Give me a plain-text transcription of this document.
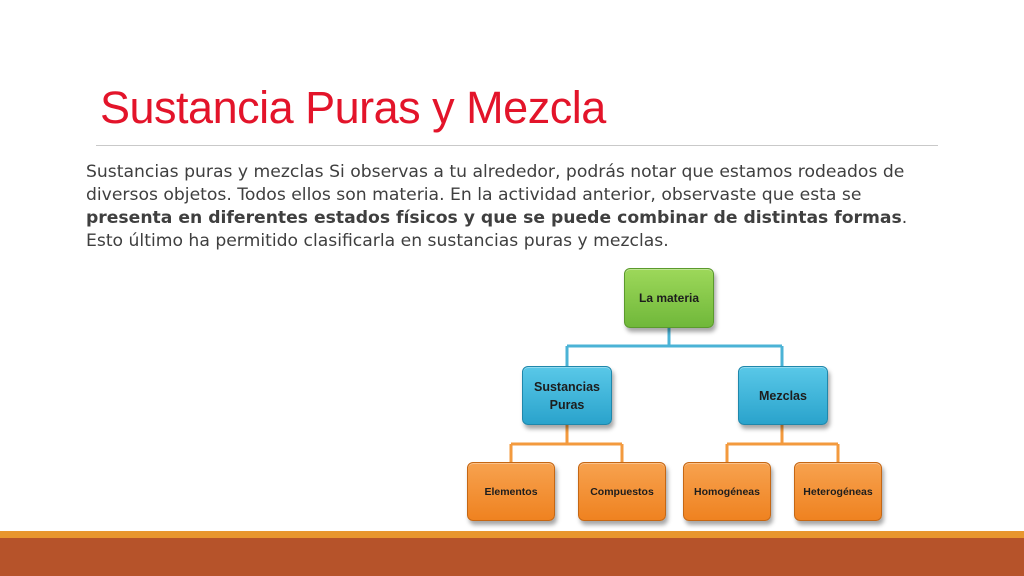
Sustancia Puras y Mezcla

Sustancias puras y mezclas Si observas a tu alrededor, podrás notar que estamos rodeados de diversos objetos. Todos ellos son materia. En la actividad anterior, observaste que esta se presenta en diferentes estados físicos y que se puede combinar de distintas formas. Esto último ha permitido clasificarla en sustancias puras y mezclas.

La materia
Sustancias Puras
Mezclas
Elementos	Compuestos	Homogéneas	Heterogéneas
